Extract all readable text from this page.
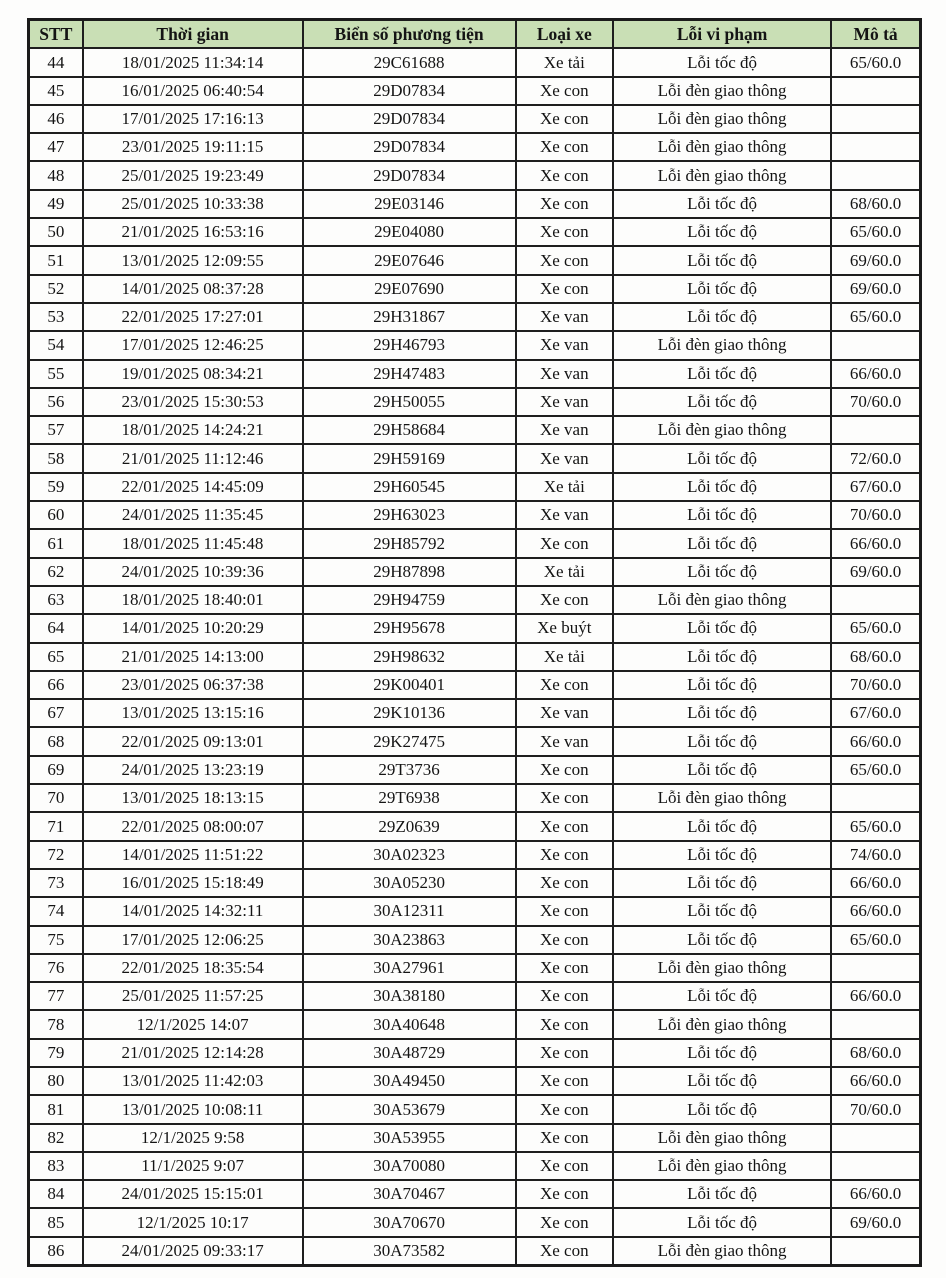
STT	Thời gian	Biển số phương tiện	Loại xe	Lỗi vi phạm	Mô tả
44	18/01/2025 11:34:14	29C61688	Xe tải	Lỗi tốc độ	65/60.0
45	16/01/2025 06:40:54	29D07834	Xe con	Lỗi đèn giao thông	
46	17/01/2025 17:16:13	29D07834	Xe con	Lỗi đèn giao thông	
47	23/01/2025 19:11:15	29D07834	Xe con	Lỗi đèn giao thông	
48	25/01/2025 19:23:49	29D07834	Xe con	Lỗi đèn giao thông	
49	25/01/2025 10:33:38	29E03146	Xe con	Lỗi tốc độ	68/60.0
50	21/01/2025 16:53:16	29E04080	Xe con	Lỗi tốc độ	65/60.0
51	13/01/2025 12:09:55	29E07646	Xe con	Lỗi tốc độ	69/60.0
52	14/01/2025 08:37:28	29E07690	Xe con	Lỗi tốc độ	69/60.0
53	22/01/2025 17:27:01	29H31867	Xe van	Lỗi tốc độ	65/60.0
54	17/01/2025 12:46:25	29H46793	Xe van	Lỗi đèn giao thông	
55	19/01/2025 08:34:21	29H47483	Xe van	Lỗi tốc độ	66/60.0
56	23/01/2025 15:30:53	29H50055	Xe van	Lỗi tốc độ	70/60.0
57	18/01/2025 14:24:21	29H58684	Xe van	Lỗi đèn giao thông	
58	21/01/2025 11:12:46	29H59169	Xe van	Lỗi tốc độ	72/60.0
59	22/01/2025 14:45:09	29H60545	Xe tải	Lỗi tốc độ	67/60.0
60	24/01/2025 11:35:45	29H63023	Xe van	Lỗi tốc độ	70/60.0
61	18/01/2025 11:45:48	29H85792	Xe con	Lỗi tốc độ	66/60.0
62	24/01/2025 10:39:36	29H87898	Xe tải	Lỗi tốc độ	69/60.0
63	18/01/2025 18:40:01	29H94759	Xe con	Lỗi đèn giao thông	
64	14/01/2025 10:20:29	29H95678	Xe buýt	Lỗi tốc độ	65/60.0
65	21/01/2025 14:13:00	29H98632	Xe tải	Lỗi tốc độ	68/60.0
66	23/01/2025 06:37:38	29K00401	Xe con	Lỗi tốc độ	70/60.0
67	13/01/2025 13:15:16	29K10136	Xe van	Lỗi tốc độ	67/60.0
68	22/01/2025 09:13:01	29K27475	Xe van	Lỗi tốc độ	66/60.0
69	24/01/2025 13:23:19	29T3736	Xe con	Lỗi tốc độ	65/60.0
70	13/01/2025 18:13:15	29T6938	Xe con	Lỗi đèn giao thông	
71	22/01/2025 08:00:07	29Z0639	Xe con	Lỗi tốc độ	65/60.0
72	14/01/2025 11:51:22	30A02323	Xe con	Lỗi tốc độ	74/60.0
73	16/01/2025 15:18:49	30A05230	Xe con	Lỗi tốc độ	66/60.0
74	14/01/2025 14:32:11	30A12311	Xe con	Lỗi tốc độ	66/60.0
75	17/01/2025 12:06:25	30A23863	Xe con	Lỗi tốc độ	65/60.0
76	22/01/2025 18:35:54	30A27961	Xe con	Lỗi đèn giao thông	
77	25/01/2025 11:57:25	30A38180	Xe con	Lỗi tốc độ	66/60.0
78	12/1/2025 14:07	30A40648	Xe con	Lỗi đèn giao thông	
79	21/01/2025 12:14:28	30A48729	Xe con	Lỗi tốc độ	68/60.0
80	13/01/2025 11:42:03	30A49450	Xe con	Lỗi tốc độ	66/60.0
81	13/01/2025 10:08:11	30A53679	Xe con	Lỗi tốc độ	70/60.0
82	12/1/2025 9:58	30A53955	Xe con	Lỗi đèn giao thông	
83	11/1/2025 9:07	30A70080	Xe con	Lỗi đèn giao thông	
84	24/01/2025 15:15:01	30A70467	Xe con	Lỗi tốc độ	66/60.0
85	12/1/2025 10:17	30A70670	Xe con	Lỗi tốc độ	69/60.0
86	24/01/2025 09:33:17	30A73582	Xe con	Lỗi đèn giao thông	
